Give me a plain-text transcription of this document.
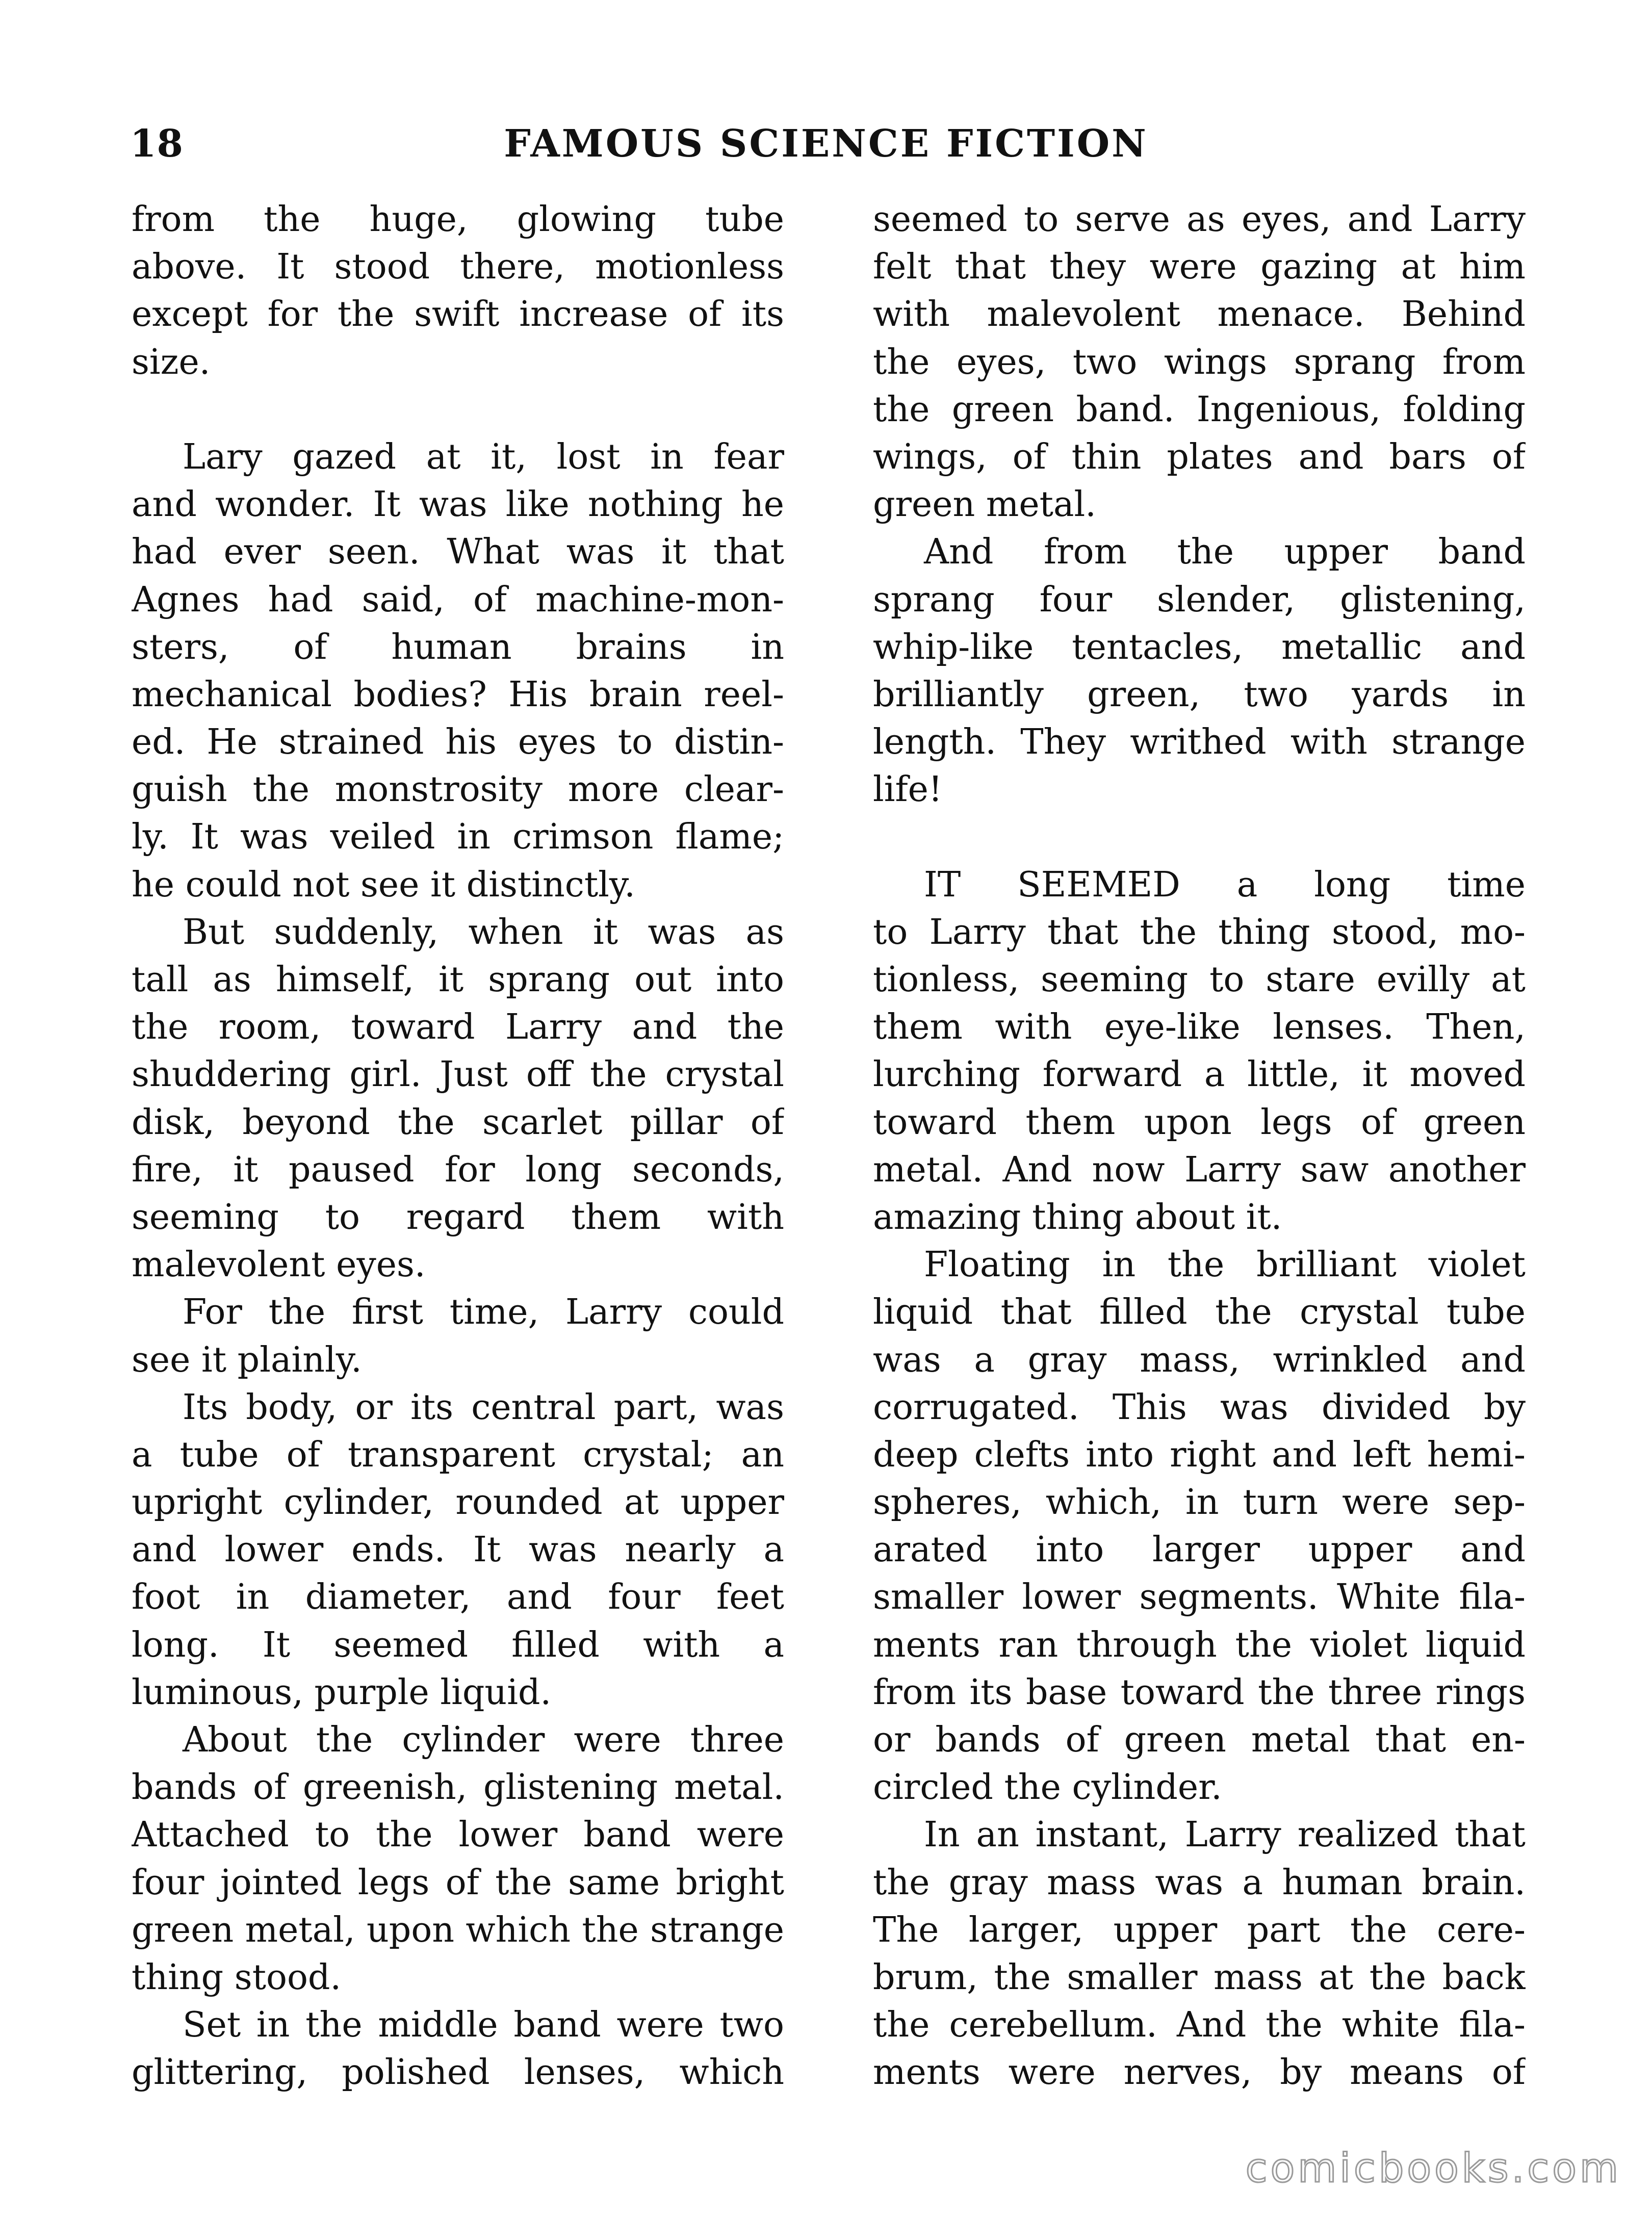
18	FAMOUS SCIENCE FICTION
from the huge, glowing tube
above. It stood there, motionless
except for the swift increase of its
size.
Lary gazed at it, lost in fear
and wonder. It was like nothing he
had ever seen. What was it that
Agnes had said, of machine-mon-
sters, of human brains in
mechanical bodies? His brain reel-
ed. He strained his eyes to distin-
guish the monstrosity more clear-
ly. It was veiled in crimson flame;
he could not see it distinctly.
But suddenly, when it was as
tall as himself, it sprang out into
the room, toward Larry and the
shuddering girl. Just off the crystal
disk, beyond the scarlet pillar of
fire, it paused for long seconds,
seeming to regard them with
malevolent eyes.
For the first time, Larry could
see it plainly.
Its body, or its central part, was
a tube of transparent crystal; an
upright cylinder, rounded at upper
and lower ends. It was nearly a
foot in diameter, and four feet
long. It seemed filled with a
luminous, purple liquid.
About the cylinder were three
bands of greenish, glistening metal.
Attached to the lower band were
four jointed legs of the same bright
green metal, upon which the strange
thing stood.
Set in the middle band were two
glittering, polished lenses, which
seemed to serve as eyes, and Larry
felt that they were gazing at him
with malevolent menace. Behind
the eyes, two wings sprang from
the green band. Ingenious, folding
wings, of thin plates and bars of
green metal.
And from the upper band
sprang four slender, glistening,
whip-like tentacles, metallic and
brilliantly green, two yards in
length. They writhed with strange
life!
IT SEEMED a long time
to Larry that the thing stood, mo-
tionless, seeming to stare evilly at
them with eye-like lenses. Then,
lurching forward a little, it moved
toward them upon legs of green
metal. And now Larry saw another
amazing thing about it.
Floating in the brilliant violet
liquid that filled the crystal tube
was a gray mass, wrinkled and
corrugated. This was divided by
deep clefts into right and left hemi-
spheres, which, in turn were sep-
arated into larger upper and
smaller lower segments. White fila-
ments ran through the violet liquid
from its base toward the three rings
or bands of green metal that en-
circled the cylinder.
In an instant, Larry realized that
the gray mass was a human brain.
The larger, upper part the cere-
brum, the smaller mass at the back
the cerebellum. And the white fila-
ments were nerves, by means of
comicbooks.com
